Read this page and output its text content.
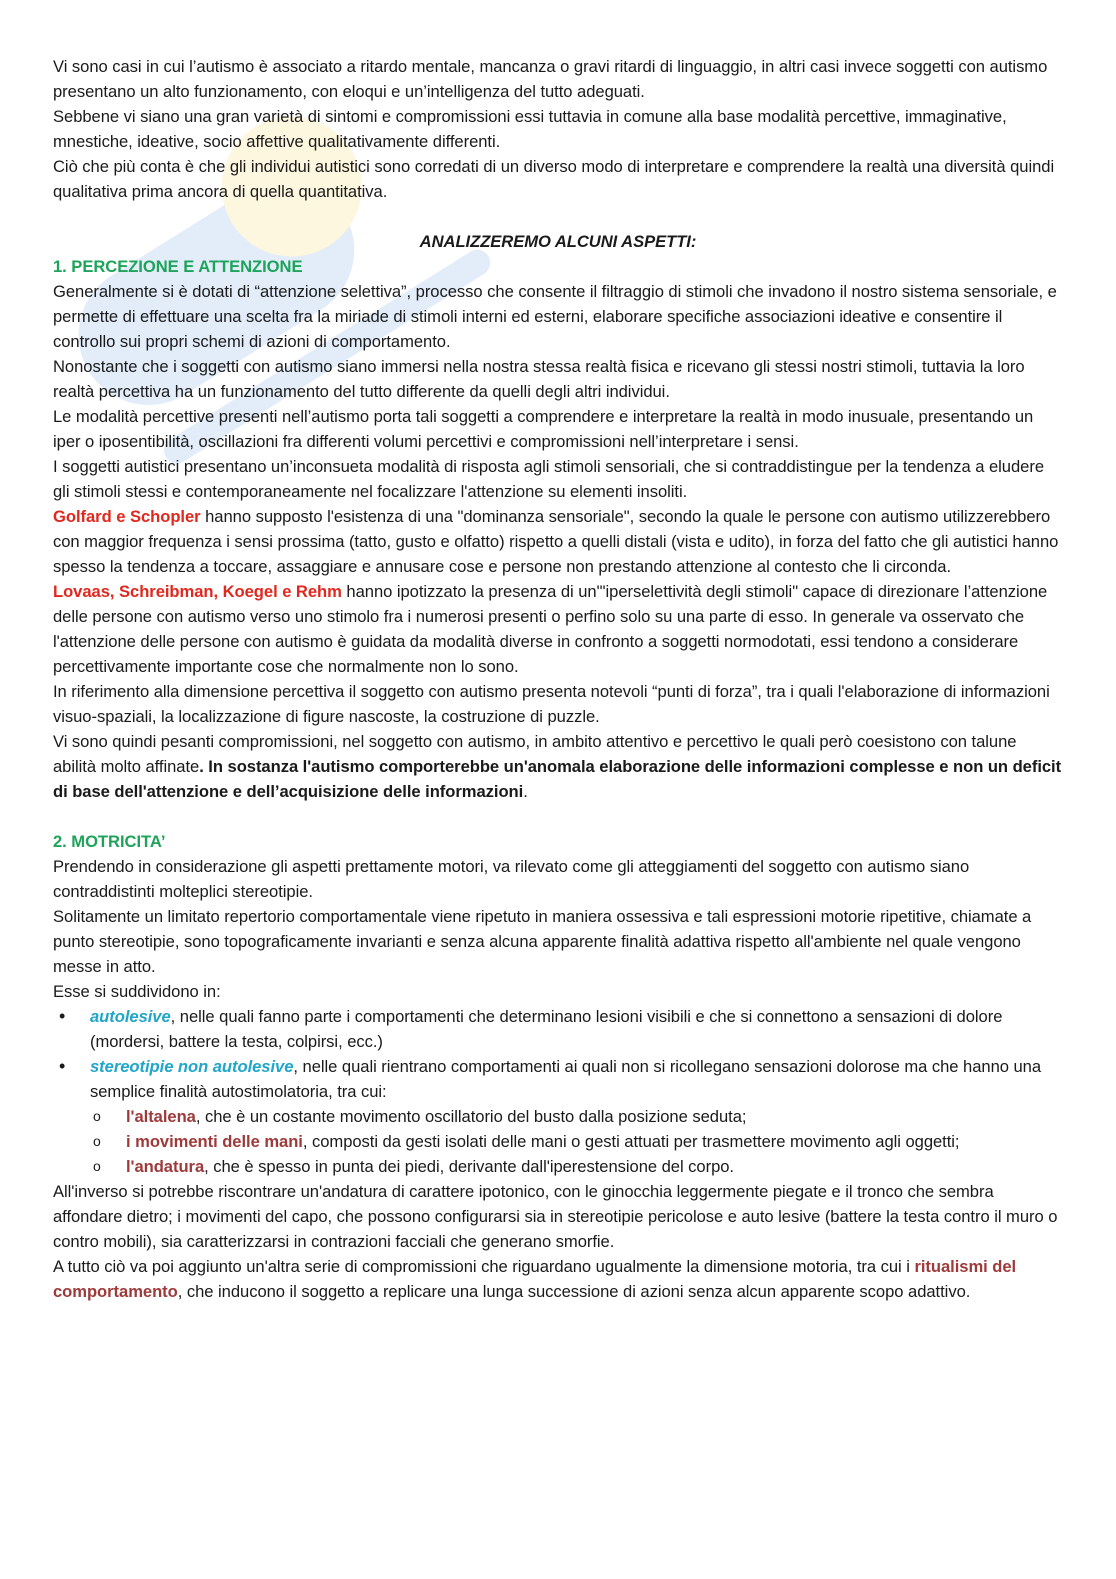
Vi sono casi in cui l’autismo è associato a ritardo mentale, mancanza o gravi ritardi di linguaggio, in altri casi invece soggetti con autismo presentano un alto funzionamento, con eloqui e un’intelligenza del tutto adeguati.

Sebbene vi siano una gran varietà di sintomi e compromissioni essi tuttavia in comune alla base modalità percettive, immaginative, mnestiche, ideative, socio affettive qualitativamente differenti.

Ciò che più conta è che gli individui autistici sono corredati di un diverso modo di interpretare e comprendere la realtà una diversità quindi qualitativa prima ancora di quella quantitativa.

ANALIZZEREMO ALCUNI ASPETTI:

1. PERCEZIONE E ATTENZIONE

Generalmente si è dotati di “attenzione selettiva”, processo che consente il filtraggio di stimoli che invadono il nostro sistema sensoriale, e permette di effettuare una scelta fra la miriade di stimoli interni ed esterni, elaborare specifiche associazioni ideative e consentire il controllo sui propri schemi di azioni di comportamento.

Nonostante che i soggetti con autismo siano immersi nella nostra stessa realtà fisica e ricevano gli stessi nostri stimoli, tuttavia la loro realtà percettiva ha un funzionamento del tutto differente da quelli degli altri individui.

Le modalità percettive presenti nell’autismo porta tali soggetti a comprendere e interpretare la realtà in modo inusuale, presentando un iper o iposentibilità, oscillazioni fra differenti volumi percettivi e compromissioni nell’interpretare i sensi.

I soggetti autistici presentano un’inconsueta modalità di risposta agli stimoli sensoriali, che si contraddistingue per la tendenza a eludere gli stimoli stessi e contemporaneamente nel focalizzare l'attenzione su elementi insoliti.

Golfard e Schopler hanno supposto l'esistenza di una "dominanza sensoriale", secondo la quale le persone con autismo utilizzerebbero con maggior frequenza i sensi prossima (tatto, gusto e olfatto) rispetto a quelli distali (vista e udito), in forza del fatto che gli autistici hanno spesso la tendenza a toccare, assaggiare e annusare cose e persone non prestando attenzione al contesto che li circonda.

Lovaas, Schreibman, Koegel e Rehm hanno ipotizzato la presenza di un'"iperselettività degli stimoli" capace di direzionare l’attenzione delle persone con autismo verso uno stimolo fra i numerosi presenti o perfino solo su una parte di esso. In generale va osservato che l'attenzione delle persone con autismo è guidata da modalità diverse in confronto a soggetti normodotati, essi tendono a considerare percettivamente importante cose che normalmente non lo sono.

In riferimento alla dimensione percettiva il soggetto con autismo presenta notevoli “punti di forza”, tra i quali l'elaborazione di informazioni visuo-spaziali, la localizzazione di figure nascoste, la costruzione di puzzle.

Vi sono quindi pesanti compromissioni, nel soggetto con autismo, in ambito attentivo e percettivo le quali però coesistono con talune abilità molto affinate. In sostanza l'autismo comporterebbe un'anomala elaborazione delle informazioni complesse e non un deficit di base dell'attenzione e dell’acquisizione delle informazioni.

2. MOTRICITA’

Prendendo in considerazione gli aspetti prettamente motori, va rilevato come gli atteggiamenti del soggetto con autismo siano contraddistinti molteplici stereotipie.

Solitamente un limitato repertorio comportamentale viene ripetuto in maniera ossessiva e tali espressioni motorie ripetitive, chiamate a punto stereotipie, sono topograficamente invarianti e senza alcuna apparente finalità adattiva rispetto all'ambiente nel quale vengono messe in atto.

Esse si suddividono in:

• autolesive, nelle quali fanno parte i comportamenti che determinano lesioni visibili e che si connettono a sensazioni di dolore (mordersi, battere la testa, colpirsi, ecc.)
• stereotipie non autolesive, nelle quali rientrano comportamenti ai quali non si ricollegano sensazioni dolorose ma che hanno una semplice finalità autostimolatoria, tra cui:
o l'altalena, che è un costante movimento oscillatorio del busto dalla posizione seduta;
o i movimenti delle mani, composti da gesti isolati delle mani o gesti attuati per trasmettere movimento agli oggetti;
o l'andatura, che è spesso in punta dei piedi, derivante dall'iperestensione del corpo.

All'inverso si potrebbe riscontrare un'andatura di carattere ipotonico, con le ginocchia leggermente piegate e il tronco che sembra affondare dietro; i movimenti del capo, che possono configurarsi sia in stereotipie pericolose e auto lesive (battere la testa contro il muro o contro mobili), sia caratterizzarsi in contrazioni facciali che generano smorfie.

A tutto ciò va poi aggiunto un'altra serie di compromissioni che riguardano ugualmente la dimensione motoria, tra cui i ritualismi del comportamento, che inducono il soggetto a replicare una lunga successione di azioni senza alcun apparente scopo adattivo.
